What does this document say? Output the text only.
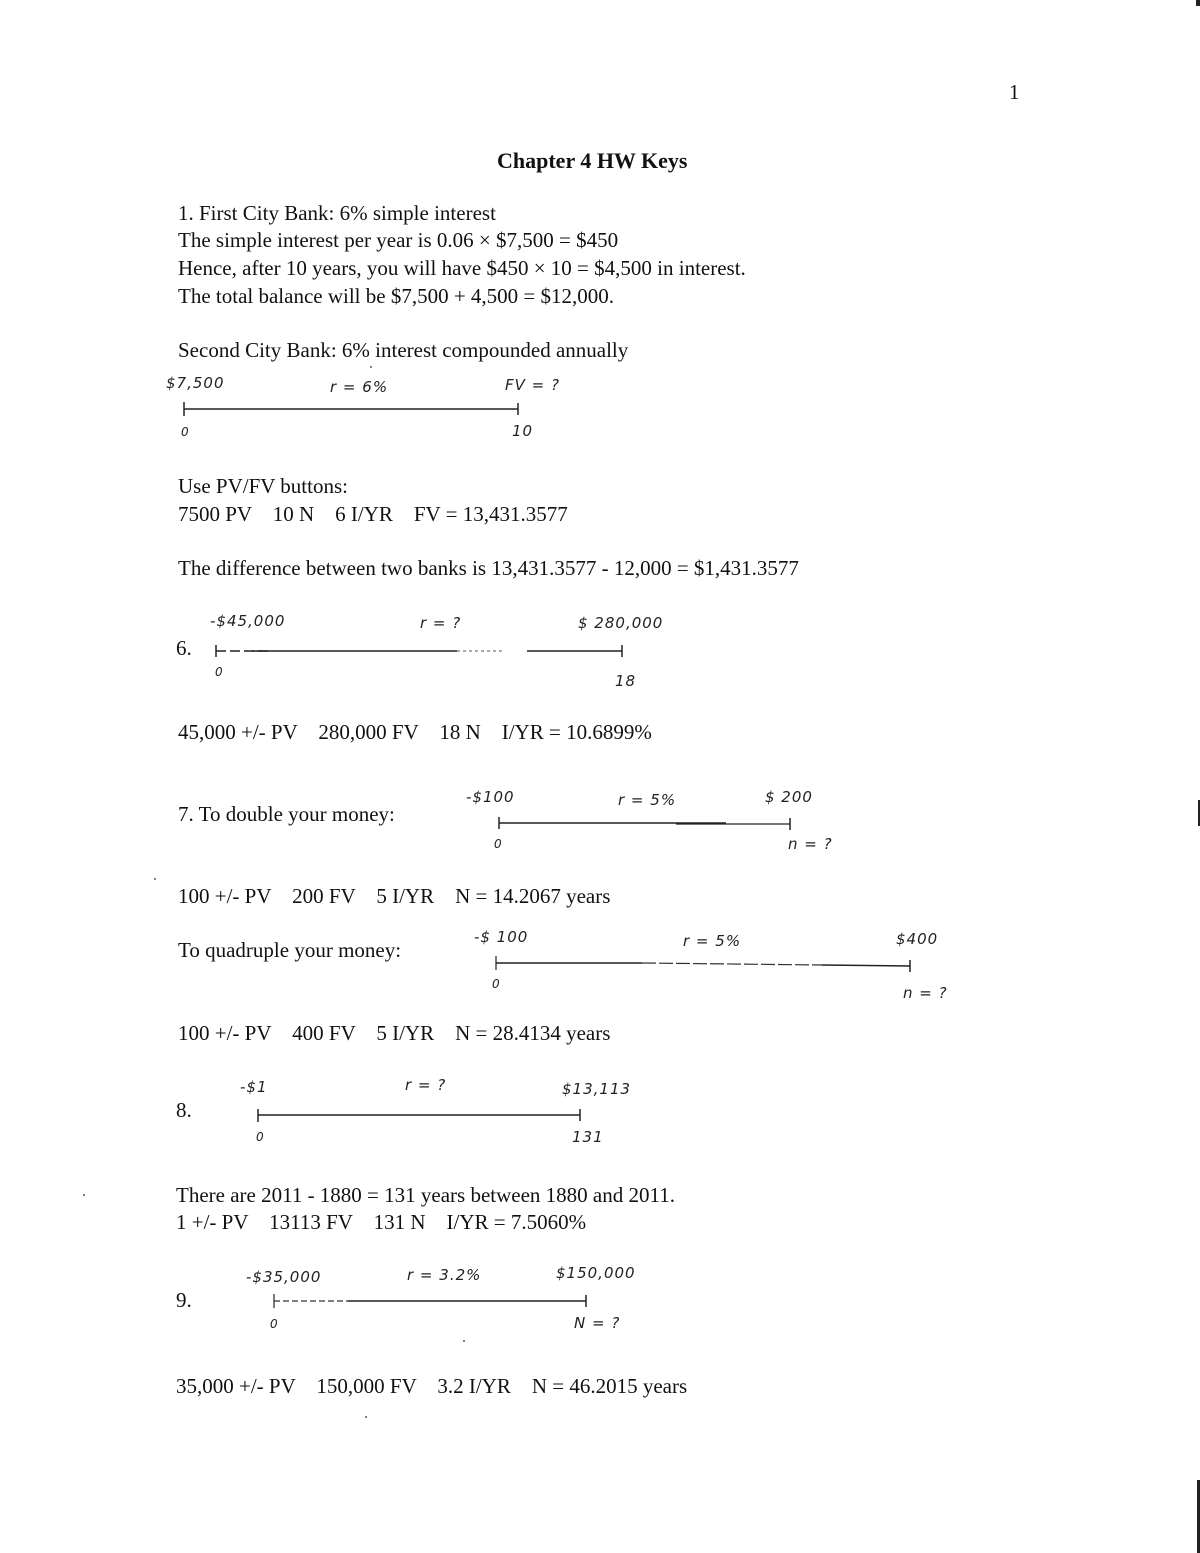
1
Chapter 4 HW Keys
1. First City Bank: 6% simple interest
The simple interest per year is 0.06 × $7,500 = $450
Hence, after 10 years, you will have $450 × 10 = $4,500 in interest.
The total balance will be $7,500 + 4,500 = $12,000.
Second City Bank: 6% interest compounded annually
$7,500	r = 6%	FV = ?
0	10
Use PV/FV buttons:
7500 PV    10 N    6 I/YR    FV = 13,431.3577
The difference between two banks is 13,431.3577 - 12,000 = $1,431.3577
6.
-$45,000	r = ?	$ 280,000
0	18
45,000 +/- PV    280,000 FV    18 N    I/YR = 10.6899%
7. To double your money:
-$100	r = 5%	$ 200
0	n = ?
100 +/- PV    200 FV    5 I/YR    N = 14.2067 years
To quadruple your money:
-$ 100	r = 5%	$400
0	n = ?
100 +/- PV    400 FV    5 I/YR    N = 28.4134 years
8.
-$1	r = ?	$13,113
0	131
There are 2011 - 1880 = 131 years between 1880 and 2011.
1 +/- PV    13113 FV    131 N    I/YR = 7.5060%
9.
-$35,000	r = 3.2%	$150,000
0	N = ?
35,000 +/- PV    150,000 FV    3.2 I/YR    N = 46.2015 years
